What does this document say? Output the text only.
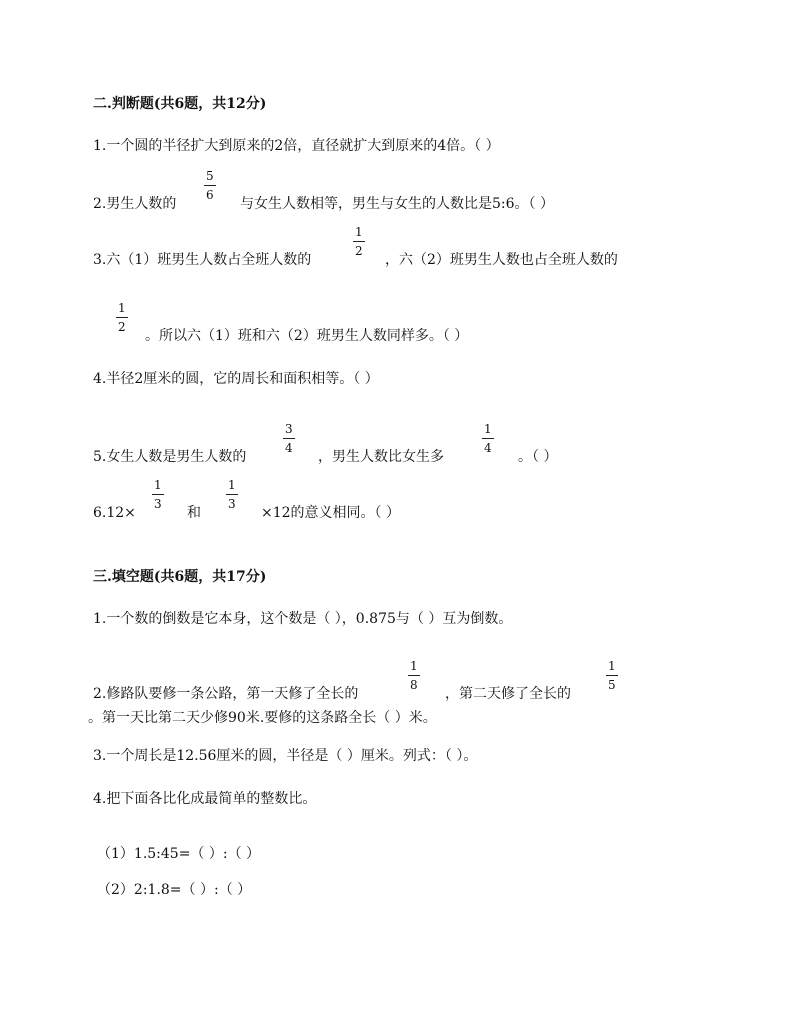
二.判断题(共6题，共12分)
1.一个圆的半径扩大到原来的2倍，直径就扩大到原来的4倍。（ ）
2.男生人数的
5
6
与女生人数相等，男生与女生的人数比是5:6。（ ）
3.六（1）班男生人数占全班人数的
1
2
，六（2）班男生人数也占全班人数的
1
2
。所以六（1）班和六（2）班男生人数同样多。（ ）
4.半径2厘米的圆，它的周长和面积相等。（ ）
5.女生人数是男生人数的
3
4
，男生人数比女生多
1
4
。（ ）
6.12×
1
3
和
1
3
×12的意义相同。（ ）
三.填空题(共6题，共17分)
1.一个数的倒数是它本身，这个数是（ ），0.875与（ ）互为倒数。
2.修路队要修一条公路，第一天修了全长的
1
8
，第二天修了全长的
1
5
。第一天比第二天少修90米.要修的这条路全长（ ）米。
3.一个周长是12.56厘米的圆，半径是（ ）厘米。列式：（ ）。
4.把下面各比化成最简单的整数比。
（1）1.5:45=（ ）:（ ）
（2）2:1.8=（ ）:（ ）
